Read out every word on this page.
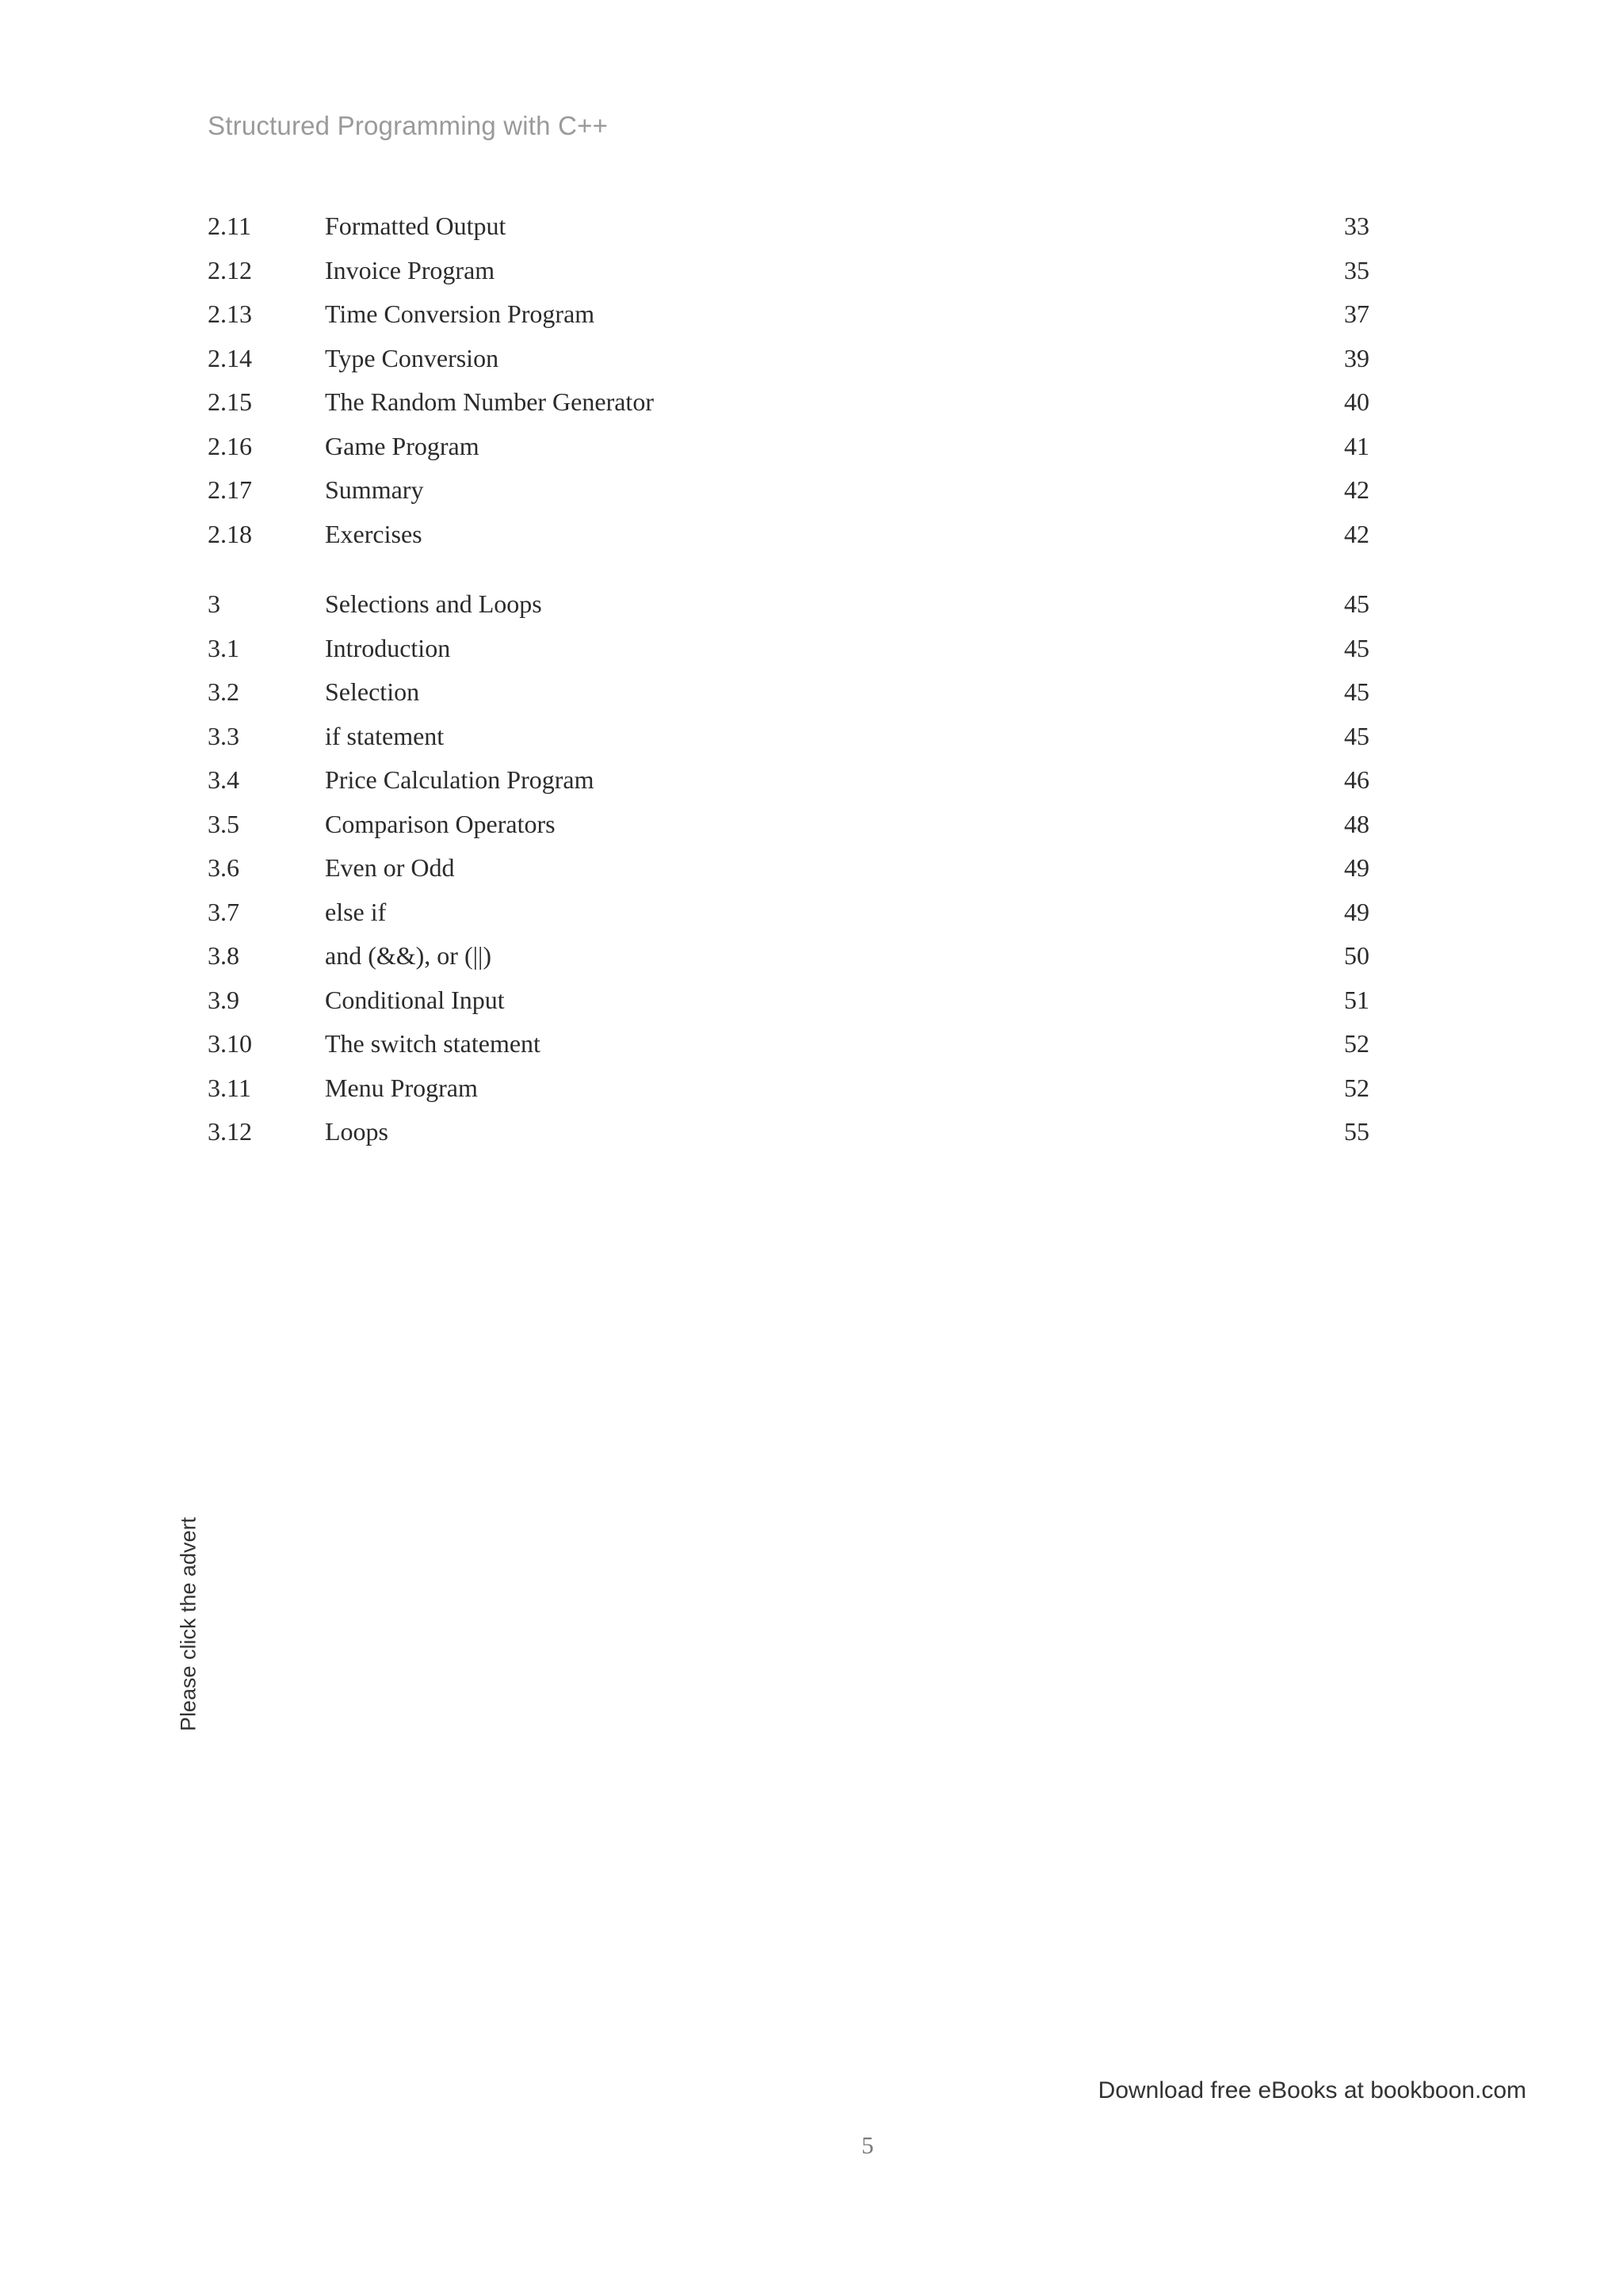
Structured Programming with C++
2.11	Formatted Output	33
2.12	Invoice Program	35
2.13	Time Conversion Program	37
2.14	Type Conversion	39
2.15	The Random Number Generator	40
2.16	Game Program	41
2.17	Summary	42
2.18	Exercises	42
3	Selections and Loops	45
3.1	Introduction	45
3.2	Selection	45
3.3	if statement	45
3.4	Price Calculation Program	46
3.5	Comparison Operators	48
3.6	Even or Odd	49
3.7	else if	49
3.8	and (&&), or (||)	50
3.9	Conditional Input	51
3.10	The switch statement	52
3.11	Menu Program	52
3.12	Loops	55
Please click the advert
Download free eBooks at bookboon.com
5
